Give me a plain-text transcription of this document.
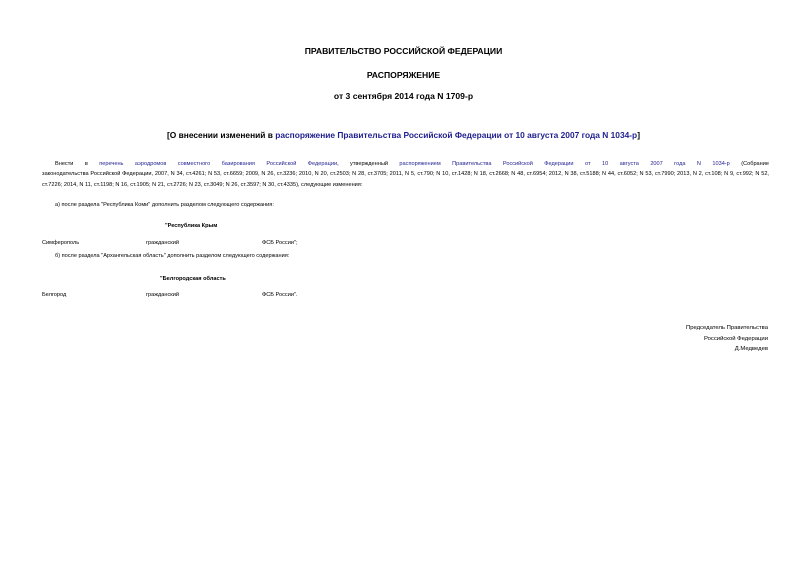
ПРАВИТЕЛЬСТВО РОССИЙСКОЙ ФЕДЕРАЦИИ
РАСПОРЯЖЕНИЕ
от 3 сентября 2014 года N 1709-р
[О внесении изменений в распоряжение Правительства Российской Федерации от 10 августа 2007 года N 1034-р]
Внести в перечень аэродромов совместного базирования Российской Федерации, утвержденный распоряжением Правительства Российской Федерации от 10 августа 2007 года N 1034-р (Собрание
законодательства Российской Федерации, 2007, N 34, ст.4261; N 53, ст.6659; 2009, N 26, ст.3236; 2010, N 20, ст.2503; N 28, ст.3705; 2011, N 5, ст.790; N 10, ст.1428; N 18, ст.2668; N 48, ст.6954; 2012, N 38, ст.5188; N 44, ст.6052; N 53, ст.7990; 2013, N 2, ст.108; N 9, ст.992; N 52, ст.7226; 2014, N 11, ст.1198; N 16, ст.1905; N 21, ст.2726; N 23, ст.3049; N 26, ст.3597; N 30, ст.4335), следующие изменения:
а) после раздела "Республика Коми" дополнить разделом следующего содержания:
"Республика Крым
Симферополь	гражданский	ФСБ России";
б) после раздела "Архангельская область" дополнить разделом следующего содержания:
"Белгородская область
Белгород	гражданский	ФСБ России".
Председатель Правительства
Российской Федерации
Д.Медведев
